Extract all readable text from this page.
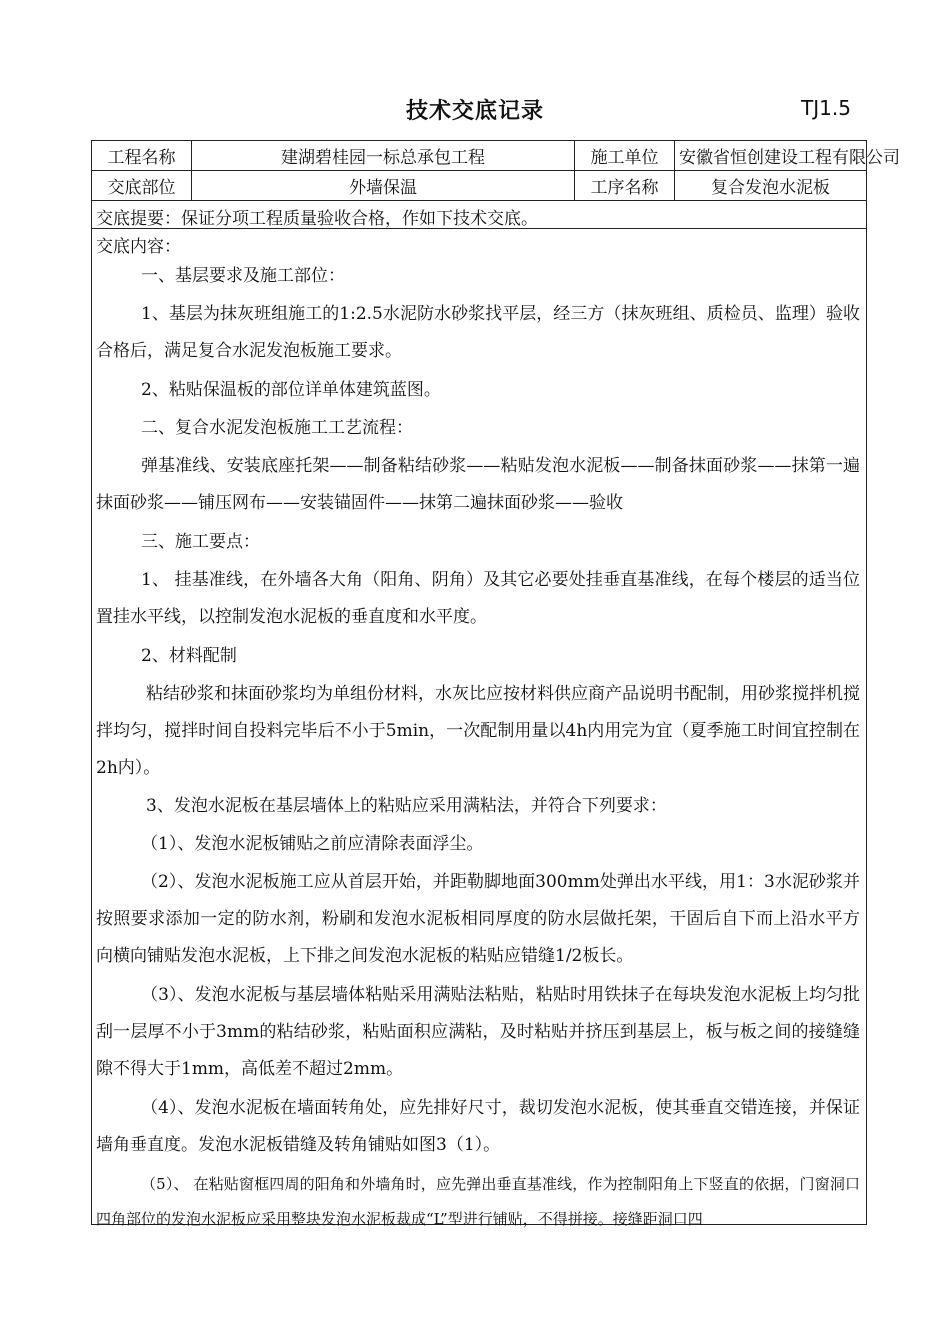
技术交底记录	TJ1.5
工程名称	建湖碧桂园一标总承包工程	施工单位	安徽省恒创建设工程有限公司
交底部位	外墙保温	工序名称	复合发泡水泥板
交底提要：保证分项工程质量验收合格，作如下技术交底。

交底内容：

一、基层要求及施工部位：

1、基层为抹灰班组施工的1:2.5水泥防水砂浆找平层，经三方（抹灰班组、质检员、监理）验收合格后，满足复合水泥发泡板施工要求。

2、粘贴保温板的部位详单体建筑蓝图。

二、复合水泥发泡板施工工艺流程：

弹基准线、安装底座托架——制备粘结砂浆——粘贴发泡水泥板——制备抹面砂浆——抹第一遍抹面砂浆——铺压网布——安装锚固件——抹第二遍抹面砂浆——验收

三、施工要点：

1、 挂基准线，在外墙各大角（阳角、阴角）及其它必要处挂垂直基准线，在每个楼层的适当位置挂水平线，以控制发泡水泥板的垂直度和水平度。

2、材料配制

粘结砂浆和抹面砂浆均为单组份材料，水灰比应按材料供应商产品说明书配制，用砂浆搅拌机搅拌均匀，搅拌时间自投料完毕后不小于5min，一次配制用量以4h内用完为宜（夏季施工时间宜控制在2h内）。

3、发泡水泥板在基层墙体上的粘贴应采用满粘法，并符合下列要求：

（1）、发泡水泥板铺贴之前应清除表面浮尘。

（2）、发泡水泥板施工应从首层开始，并距勒脚地面300mm处弹出水平线，用1：3水泥砂浆并按照要求添加一定的防水剂，粉刷和发泡水泥板相同厚度的防水层做托架，干固后自下而上沿水平方向横向铺贴发泡水泥板，上下排之间发泡水泥板的粘贴应错缝1/2板长。

（3）、发泡水泥板与基层墙体粘贴采用满贴法粘贴，粘贴时用铁抹子在每块发泡水泥板上均匀批刮一层厚不小于3mm的粘结砂浆，粘贴面积应满粘，及时粘贴并挤压到基层上，板与板之间的接缝缝隙不得大于1mm，高低差不超过2mm。

（4）、发泡水泥板在墙面转角处，应先排好尺寸，裁切发泡水泥板，使其垂直交错连接，并保证墙角垂直度。发泡水泥板错缝及转角铺贴如图3（1）。

（5）、 在粘贴窗框四周的阳角和外墙角时，应先弹出垂直基准线，作为控制阳角上下竖直的依据，门窗洞口四角部位的发泡水泥板应采用整块发泡水泥板裁成“L”型进行铺贴，不得拼接。接缝距洞口四
